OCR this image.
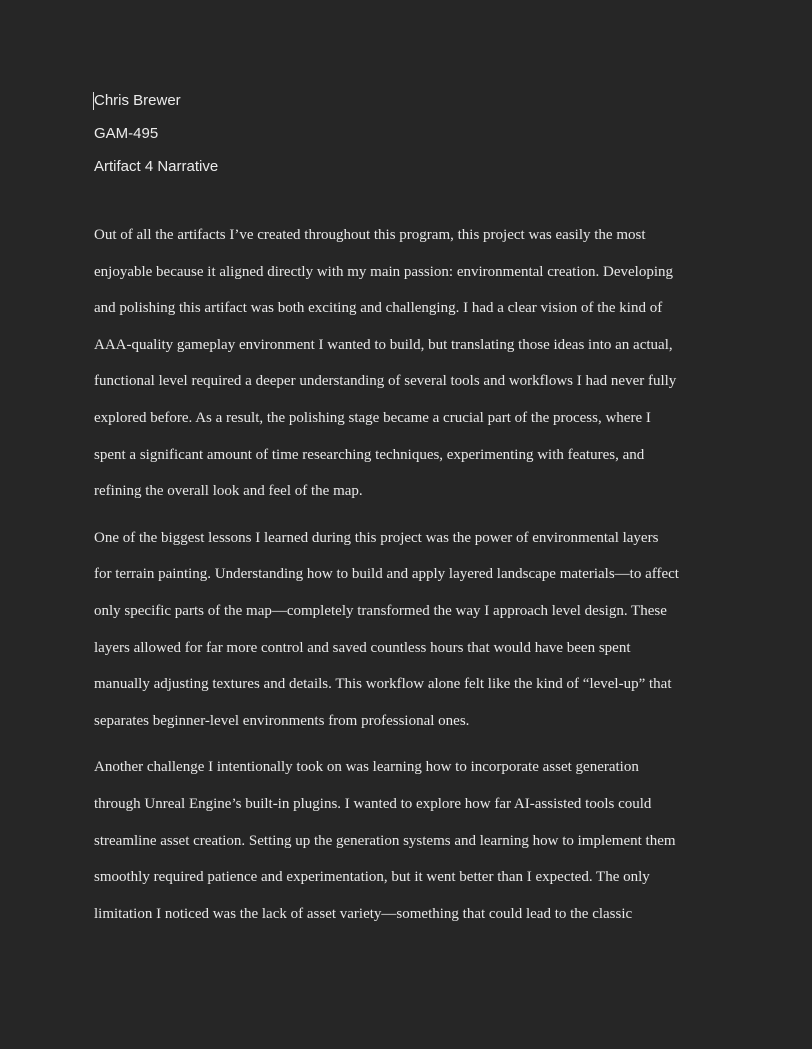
Chris Brewer
GAM-495
Artifact 4 Narrative
Out of all the artifacts I’ve created throughout this program, this project was easily the most
enjoyable because it aligned directly with my main passion: environmental creation. Developing
and polishing this artifact was both exciting and challenging. I had a clear vision of the kind of
AAA-quality gameplay environment I wanted to build, but translating those ideas into an actual,
functional level required a deeper understanding of several tools and workflows I had never fully
explored before. As a result, the polishing stage became a crucial part of the process, where I
spent a significant amount of time researching techniques, experimenting with features, and
refining the overall look and feel of the map.
One of the biggest lessons I learned during this project was the power of environmental layers
for terrain painting. Understanding how to build and apply layered landscape materials—to affect
only specific parts of the map—completely transformed the way I approach level design. These
layers allowed for far more control and saved countless hours that would have been spent
manually adjusting textures and details. This workflow alone felt like the kind of “level-up” that
separates beginner-level environments from professional ones.
Another challenge I intentionally took on was learning how to incorporate asset generation
through Unreal Engine’s built-in plugins. I wanted to explore how far AI-assisted tools could
streamline asset creation. Setting up the generation systems and learning how to implement them
smoothly required patience and experimentation, but it went better than I expected. The only
limitation I noticed was the lack of asset variety—something that could lead to the classic
